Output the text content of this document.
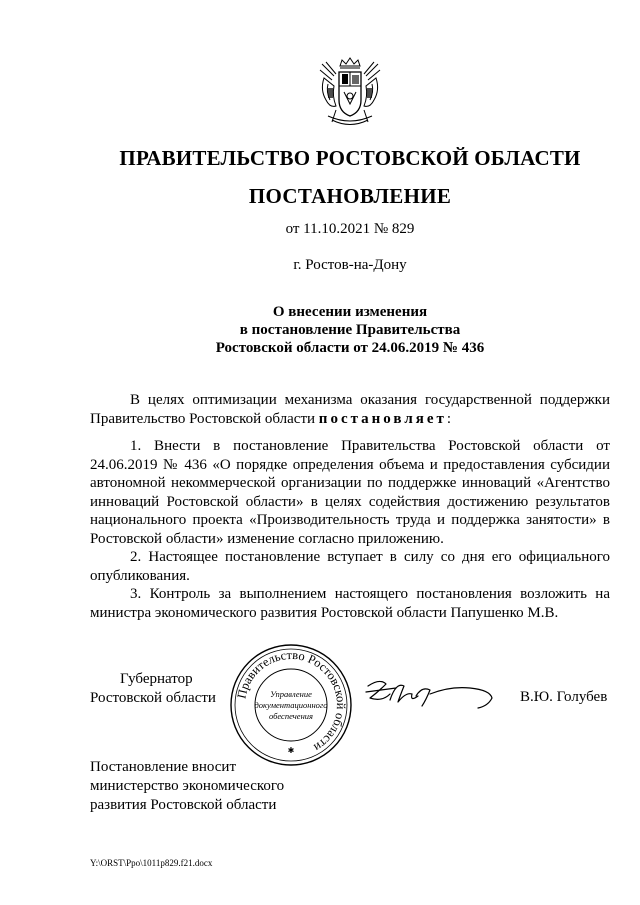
ПРАВИТЕЛЬСТВО РОСТОВСКОЙ ОБЛАСТИ
ПОСТАНОВЛЕНИЕ
от 11.10.2021 № 829
г. Ростов-на-Дону
О внесении изменения
в постановление Правительства
Ростовской области от 24.06.2019 № 436

В целях оптимизации механизма оказания государственной поддержки Правительство Ростовской области постановляет:

1. Внести в постановление Правительства Ростовской области от 24.06.2019 № 436 «О порядке определения объема и предоставления субсидии автономной некоммерческой организации по поддержке инноваций «Агентство инноваций Ростовской области» в целях содействия достижению результатов национального проекта «Производительность труда и поддержка занятости» в Ростовской области» изменение согласно приложению.

2. Настоящее постановление вступает в силу со дня его официального опубликования.

3. Контроль за выполнением настоящего постановления возложить на министра экономического развития Ростовской области Папушенко М.В.

Губернатор
Ростовской области Правительство Ростовской области
Управление
документационного
обеспечения
✱
В.Ю. Голубев
Постановление вносит
министерство экономического
развития Ростовской области
Y:\ORST\Ppo\1011p829.f21.docx
